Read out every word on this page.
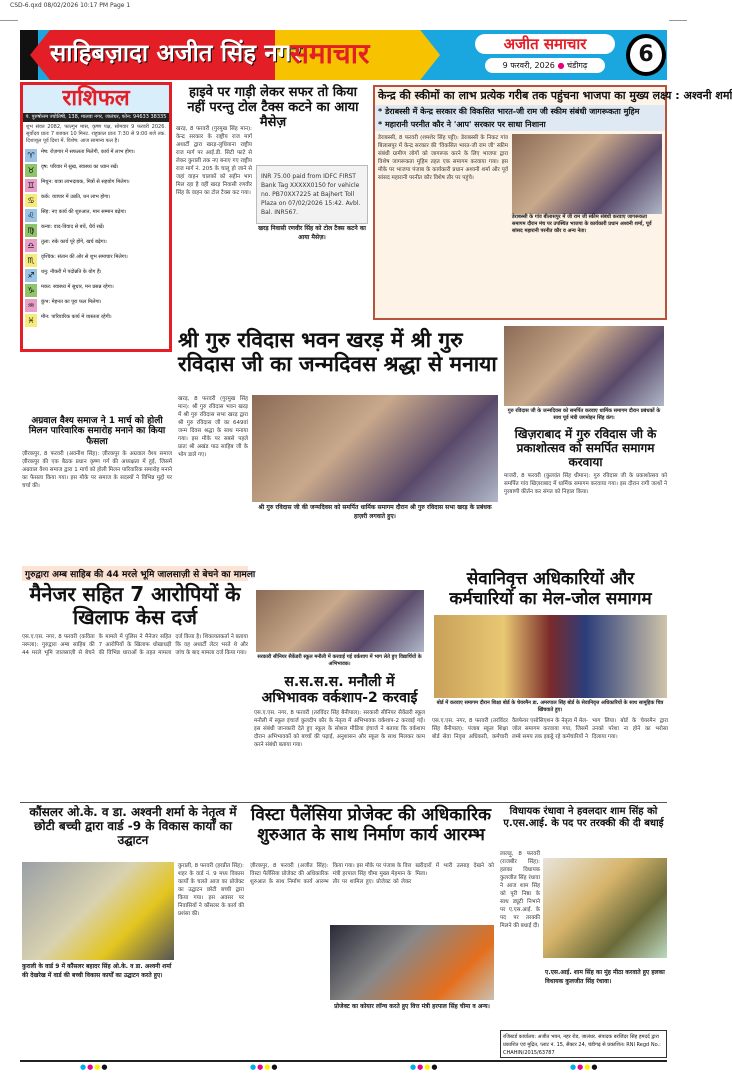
CSD-6.qxd 08/02/2026 10:17 PM Page 1
साहिबज़ादा अजीत सिंह नगर
समाचार	अजीत समाचार
9 फरवरी, 2026 ● चंडीगढ़	6
राशिफल
पं. पुरुषोत्तम ज्योतिषी, 138, मालवा नगर, जालंधर, फोन: 94633 38335
शुभ संवत 2082, फाल्गुन मास, कृष्ण पक्ष, सोमवार 9 फरवरी 2026. सूर्योदय प्रातः 7 बजकर 10 मिनट. राहुकाल प्रातः 7:30 से 9:00 बजे तक. दिशाशूल पूर्व दिशा में. विशेष: आज सामान्य फल है।
♈	मेष: रोज़गार में सफलता मिलेगी, कार्य में लाभ होगा।
♉	वृष: परिवार में सुख, स्वास्थ्य का ध्यान रखें।
♊	मिथुन: यात्रा लाभदायक, मित्रों से सहयोग मिलेगा।
♋	कर्क: व्यापार में उन्नति, धन लाभ होगा।
♌	सिंह: नए कार्य की शुरुआत, मान सम्मान बढ़ेगा।
♍	कन्या: वाद-विवाद से बचें, धैर्य रखें।
♎	तुला: रुके कार्य पूरे होंगे, खर्च बढ़ेगा।
♏	वृश्चिक: संतान की ओर से शुभ समाचार मिलेगा।
♐	धनु: नौकरी में पदोन्नति के योग हैं।
♑	मकर: स्वास्थ्य में सुधार, मन प्रसन्न रहेगा।
♒	कुंभ: मेहनत का पूरा फल मिलेगा।
♓	मीन: पारिवारिक कार्य में व्यस्तता रहेगी।
हाइवे पर गाड़ी लेकर सफर तो किया नहीं परन्तु टोल टैक्स कटने का आया मैसेज़
INR 75.00 paid from IDFC FIRST Bank Tag XXXXX0150 for vehicle no. PB70XX7225 at Bajhert Toll Plaza on 07/02/2026 15:42. Avbl. Bal. INR567.
खरड़ निवासी रणवीर सिंह को टोल टैक्स कटने का आया मैसेज़।
खरड़, 8 फरवरी (गुरमुख सिंह मान): केन्द्र सरकार के राष्ट्रीय राज मार्ग अथार्टी द्वारा खरड़-लुधियाना राष्ट्रीय राज मार्ग पर आई.डी. सिटी फाटे से लेकर कुराली तक नए बनाए गए राष्ट्रीय राज मार्ग नं. 205 के चालू हो जाने से जहां वाहन चालकों को सहीन भाग मिल रहा है वहीं खरड़ निवासी रणवीर सिंह के वाहन का टोल टैक्स कट गया।
केन्द्र की स्कीमों का लाभ प्रत्येक गरीब तक पहुंचना भाजपा का मुख्य लक्ष्य : अश्वनी शर्मा
* डेराबस्सी में केन्द्र सरकार की विकसित भारत-जी राम जी स्कीम संबंधी जागरूकता मुहिम
* महारानी परनीत कौर ने 'आप' सरकार पर साधा निशाना
डेराबस्सी के गांव बीलासपुर में जी राम जी स्कीम संबंधी करवाए जागरूकता समागम दौरान मंच पर उपस्थित भाजपा के कार्यकारी प्रधान अश्वनी शर्मा, पूर्व सांसद महारानी परनीत कौर व अन्य नेता।
डेराबस्सी, 8 फरवरी (शमशेर सिंह पट्टी): डेराबस्सी के निकट गांव बिलासपुर में केन्द्र सरकार की 'विकसित भारत-जी राम जी' स्कीम संबंधी ग्रामीण लोगों को जागरूक करने के लिए भाजपा द्वारा विशेष जागरूकता मुहिम तहत एक समागम करवाया गया। इस मौके पर भाजपा पंजाब के कार्यकारी प्रधान अश्वनी शर्मा और पूर्व सांसद महारानी परनीत कौर विशेष तौर पर पहुंचे।
श्री गुरु रविदास भवन खरड़ में श्री गुरु रविदास जी का जन्मदिवस श्रद्धा से मनाया
गुरु रविदास जी के जन्मदिवस को समर्पित करवाए धार्मिक समागम दौरान प्रबंधकों के साथ पूर्व मंत्री जगमोहन सिंह कंग।
खरड़, 8 फरवरी (गुरमुख सिंह मान): श्री गुरु रविदास भवन खरड़ में श्री गुरु रविदास सभा खरड़ द्वारा श्री गुरु रविदास जी का 649वां जन्म दिवस श्रद्धा के साथ मनाया गया। इस मौके पर सबसे पहले प्रातः श्री अखंड पाठ साहिब जी के भोग डाले गए।
श्री गुरु रविदास जी की जन्मदिवस को समर्पित धार्मिक समागम दौरान श्री गुरु रविदास सभा खरड़ के प्रबंधक हाज़री लगवाते हुए।
खिज़राबाद में गुरु रविदास जी के प्रकाशोत्सव को समर्पित समागम करवाया
माजरी, 8 फरवरी (कुलवंत सिंह धीमान): गुरु रविदास जी के प्रकाशोत्सव को समर्पित गांव खिज़राबाद में धार्मिक समागम करवाया गया। इस दौरान रागी जत्थों ने गुरबाणी कीर्तन कर संगत को निहाल किया।
अग्रवाल वैश्य समाज ने 1 मार्च को होली मिलन पारिवारिक समारोह मनाने का किया फैसला
ज़ीरकपुर, 8 फरवरी (अवनीश सिंह): ज़ीरकपुर के अग्रवाल वैश्य समाज ज़ीरकपुर की एक बैठक प्रधान कृष्ण गर्ग की अध्यक्षता में हुई, जिसमें अग्रवाल वैश्य समाज द्वारा 1 मार्च को होली मिलन पारिवारिक समारोह मनाने का फैसला किया गया। इस मौके पर समाज के सदस्यों ने विभिन्न मुद्दों पर चर्चा की।
गुरुद्वारा अम्ब साहिब की 44 मरले भूमि जालसाज़ी से बेचने का मामला
मैनेजर सहित 7 आरोपियों के खिलाफ केस दर्ज
एस.ए.एस. नगर, 8 फरवरी (कविता नरूला): गुरुद्वारा अम्ब साहिब की 44 मरले भूमि जालसाज़ी से बेचने के मामले में पुलिस ने मैनेजर सहित 7 आरोपियों के खिलाफ धोखाधड़ी की विभिन्न धाराओं के तहत मामला दर्ज किया है। शिकायतकर्ता ने बताया कि वह अथार्टी लेटर भरते थे और जांच के बाद मामला दर्ज किया गया।
सरकारी सीनियर सैकेंडरी स्कूल मनौली में करवाई गई वर्कशाप में भाग लेते हुए विद्यार्थियों के अभिभावक।
स.स.स.स. मनौली में अभिभावक वर्कशाप-2 करवाई
एस.ए.एस. नगर, 8 फरवरी (तरविंदर सिंह बैनीपाल): सरकारी सीनियर सैकेंडरी स्कूल मनौली में स्कूल इंचार्ज कुलदीप कौर के नेतृत्व में अभिभावक वर्कशाप-2 करवाई गई। इस संबंधी जानकारी देते हुए स्कूल के सोशल मीडिया इंचार्ज ने बताया कि वर्कशाप दौरान अभिभावकों को बच्चों की पढ़ाई, अनुशासन और स्कूल के साथ मिलकर काम करने संबंधी बताया गया।
सेवानिवृत्त अधिकारियों और कर्मचारियों का मेल-जोल समागम
बोर्ड में करवाए समागम दौरान शिक्षा बोर्ड के चेयरमैन डा. अमरपाल सिंह बोर्ड के सेवानिवृत्त अधिकारियों के साथ सामूहिक चित्र खिंचवाते हुए।
एस.ए.एस. नगर, 8 फरवरी (तरविंदर सिंह बैनीपाल): पंजाब स्कूल शिक्षा बोर्ड सेवा निवृत्त अधिकारी, कर्मचारी वैलफेयर एसोसिएशन के नेतृत्व में मेल-जोल समागम करवाया गया, जिसमें लम्बे समय तक इकट्ठे रहे कर्मचारियों ने भाग लिया। बोर्ड के चेयरमैन द्वारा उनको परेशा ना होने का भरोसा दिलाया गया।
कौंसलर ओ.के. व डा. अश्वनी शर्मा के नेतृत्व में छोटी बच्ची द्वारा वार्ड -9 के विकास कार्यों का उद्घाटन
कुराली, 8 फरवरी (हरप्रीत सिंह): शहर के वार्ड नं. 9 मध्य विकास कार्यों के चलते आज का प्रोजेक्ट का उद्घाटन छोटी बच्ची द्वारा किया गया। इस अवसर पर निवासियों ने कौंसलर के कार्य की प्रशंसा की।
कुराली के वार्ड 9 में कौंसलर बहादर सिंह ओ.के. व डा. अश्वनी शर्मा की देखरेख में वार्ड की बच्ची विकास कार्यों का उद्घाटन करते हुए।
विस्टा पैलेंसिया प्रोजेक्ट की अधिकारिक शुरुआत के साथ निर्माण कार्य आरम्भ
ज़ीरकपुर, 8 फरवरी (अजीत सिंह): विस्टा पैलेंसिया प्रोजेक्ट की अधिकारिक शुरुआत के साथ निर्माण कार्य आरम्भ किया गया। इस मौके पर पंजाब के वित्त मंत्री हरपाल सिंह चीमा मुख्य मेहमान के तौर पर शामिल हुए। प्रोजेक्ट को लेकर खरीदारों में भारी उत्साह देखने को मिला।
प्रोजेक्ट का कोयार लॉन्च करते हुए वित्त मंत्री हरपाल सिंह चीमा व अन्य।
विधायक रंधावा ने हवलदार शाम सिंह को ए.एस.आई. के पद पर तरक्की की दी बधाई
लालड़ू, 8 फरवरी (राजबीर सिंह): हलका विधायक कुलजीत सिंह रंधावा ने आज शाम सिंह को पूरी निष्ठा के साथ ड्यूटी निभाने पर ए.एस.आई. के पद पर तरक्की मिलने की बधाई दी।
ए.एस.आई. शाम सिंह का मुंह मीठा करवाते हुए हलका विधायक कुलजीत सिंह रंधावा।
रजिस्टर्ड कार्यालय: अजीत भवन, नहर रोड, जालंधर. संपादक बरजिंदर सिंह हमदर्द द्वारा प्रकाशित एवं मुद्रित, प्लाट नं. 15, सैक्टर 24, चंडीगढ़ से प्रकाशित। RNI Regd No.: CHAHIN/2015/63787
●●●●	●●●●	●●●●	●●●●
